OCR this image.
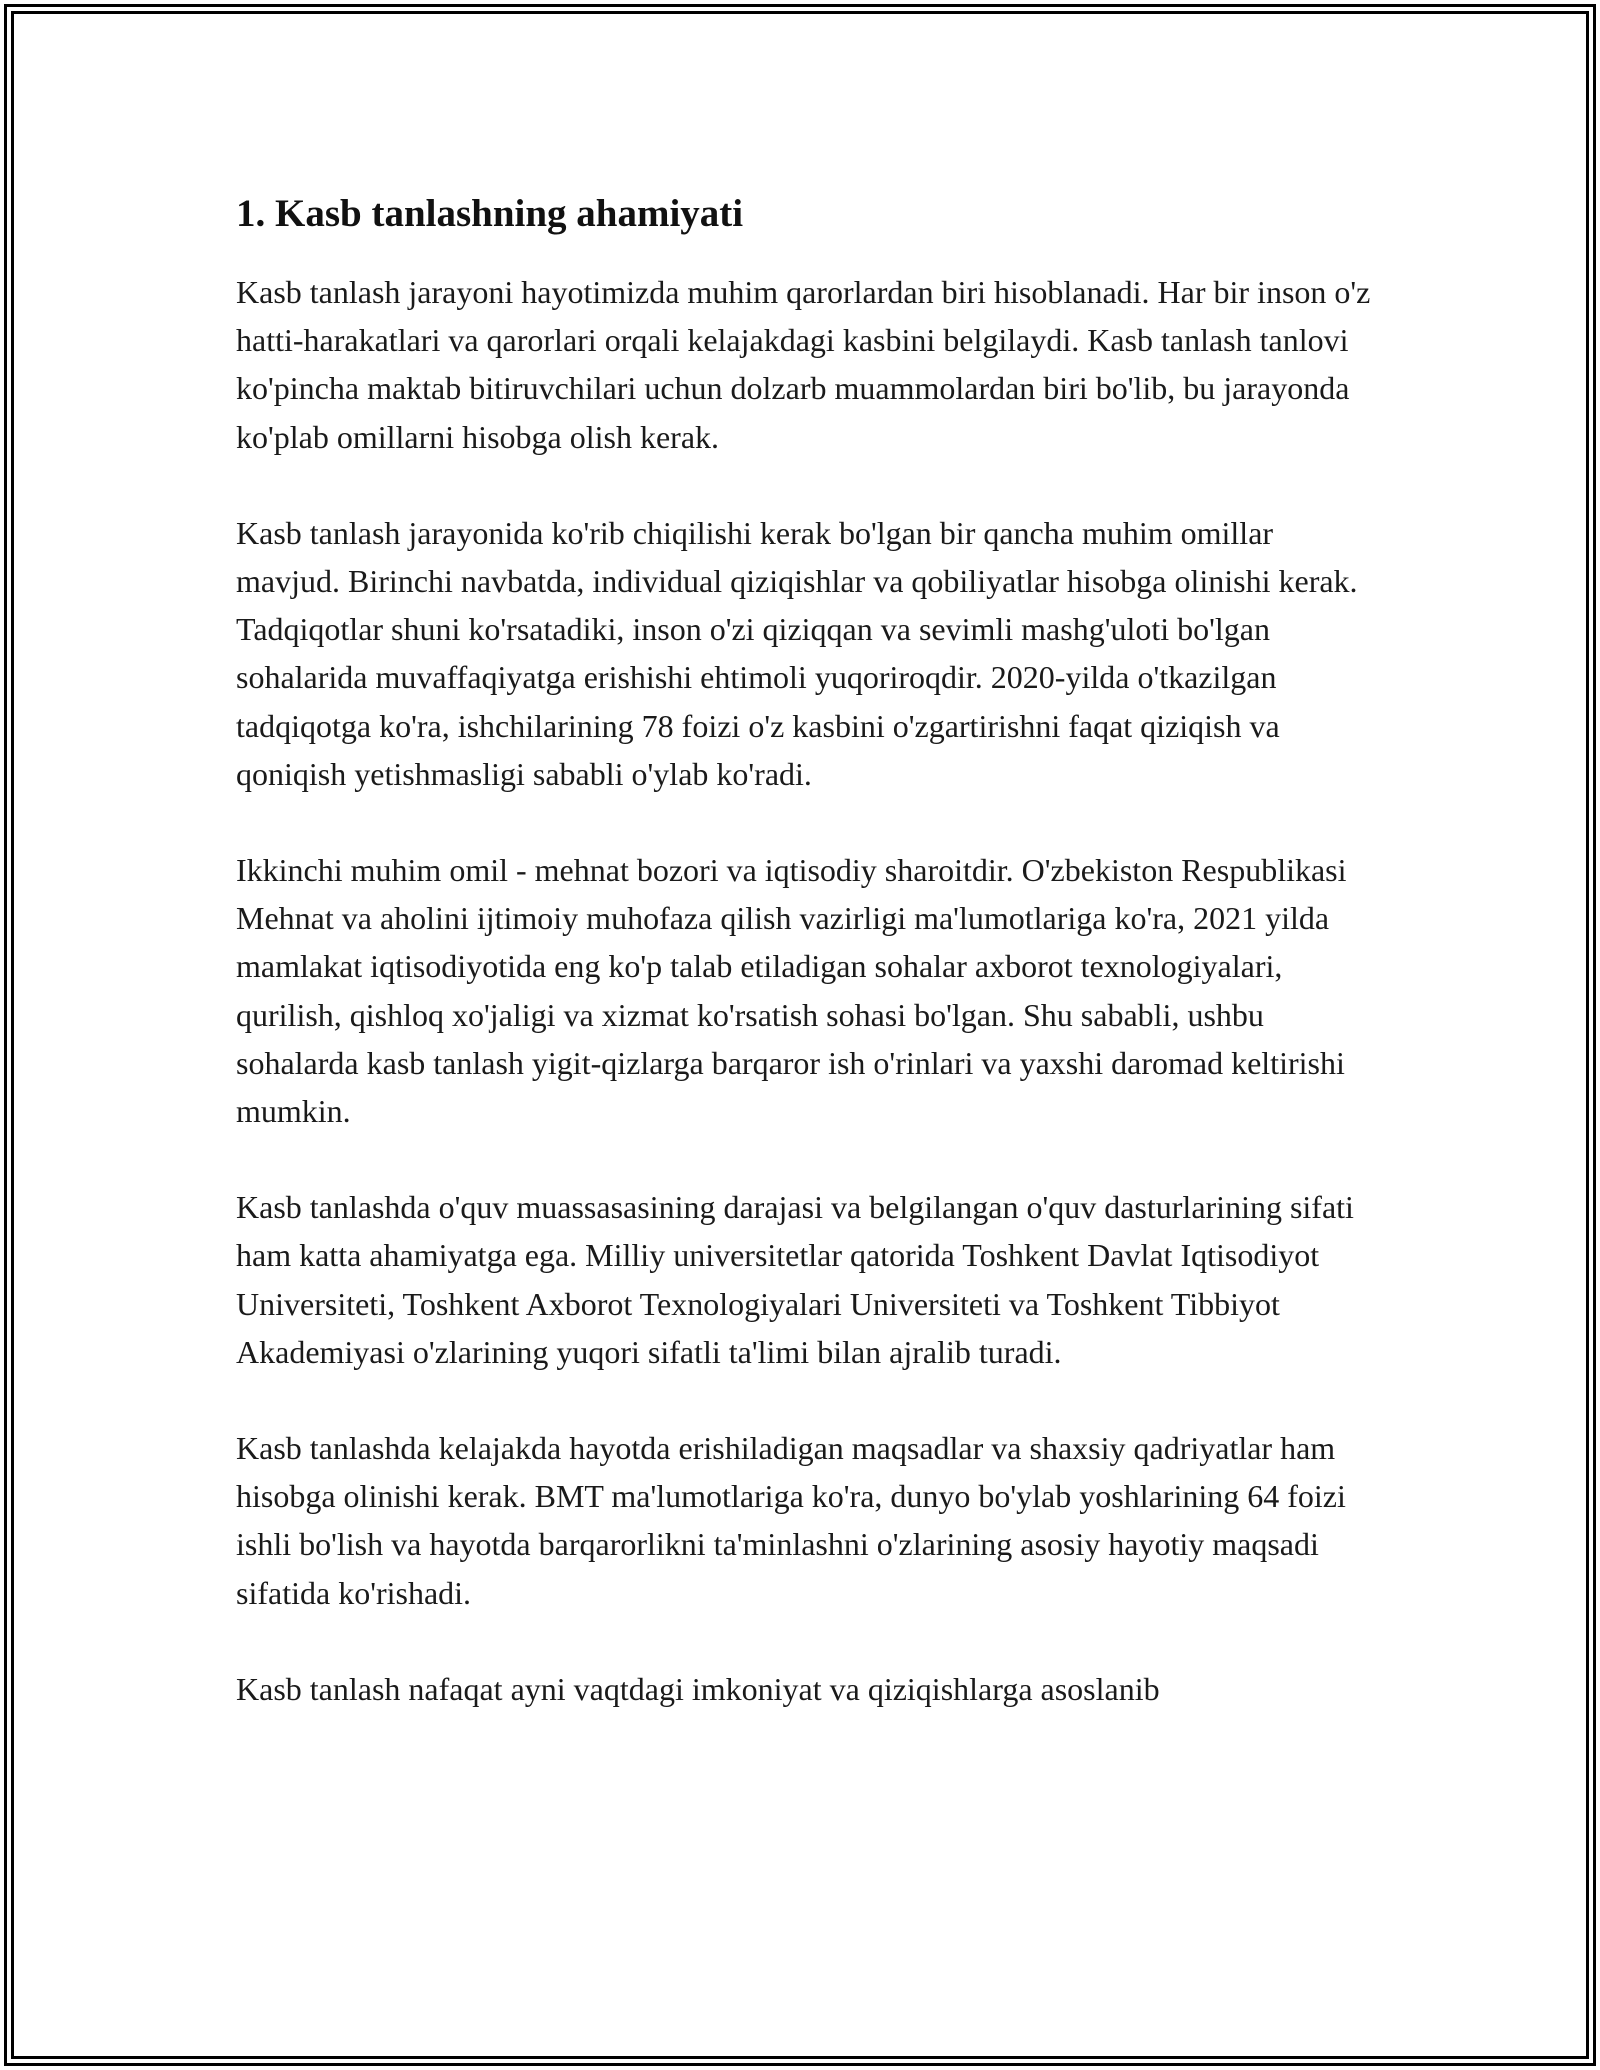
1. Kasb tanlashning ahamiyati

Kasb tanlash jarayoni hayotimizda muhim qarorlardan biri hisoblanadi. Har bir inson o'z hatti-harakatlari va qarorlari orqali kelajakdagi kasbini belgilaydi. Kasb tanlash tanlovi ko'pincha maktab bitiruvchilari uchun dolzarb muammolardan biri bo'lib, bu jarayonda ko'plab omillarni hisobga olish kerak.

Kasb tanlash jarayonida ko'rib chiqilishi kerak bo'lgan bir qancha muhim omillar mavjud. Birinchi navbatda, individual qiziqishlar va qobiliyatlar hisobga olinishi kerak. Tadqiqotlar shuni ko'rsatadiki, inson o'zi qiziqqan va sevimli mashg'uloti bo'lgan sohalarida muvaffaqiyatga erishishi ehtimoli yuqoriroqdir. 2020-yilda o'tkazilgan tadqiqotga ko'ra, ishchilarining 78 foizi o'z kasbini o'zgartirishni faqat qiziqish va qoniqish yetishmasligi sababli o'ylab ko'radi.

Ikkinchi muhim omil - mehnat bozori va iqtisodiy sharoitdir. O'zbekiston Respublikasi Mehnat va aholini ijtimoiy muhofaza qilish vazirligi ma'lumotlariga ko'ra, 2021 yilda mamlakat iqtisodiyotida eng ko'p talab etiladigan sohalar axborot texnologiyalari, qurilish, qishloq xo'jaligi va xizmat ko'rsatish sohasi bo'lgan. Shu sababli, ushbu sohalarda kasb tanlash yigit-qizlarga barqaror ish o'rinlari va yaxshi daromad keltirishi mumkin.

Kasb tanlashda o'quv muassasasining darajasi va belgilangan o'quv dasturlarining sifati ham katta ahamiyatga ega. Milliy universitetlar qatorida Toshkent Davlat Iqtisodiyot Universiteti, Toshkent Axborot Texnologiyalari Universiteti va Toshkent Tibbiyot Akademiyasi o'zlarining yuqori sifatli ta'limi bilan ajralib turadi.

Kasb tanlashda kelajakda hayotda erishiladigan maqsadlar va shaxsiy qadriyatlar ham hisobga olinishi kerak. BMT ma'lumotlariga ko'ra, dunyo bo'ylab yoshlarining 64 foizi ishli bo'lish va hayotda barqarorlikni ta'minlashni o'zlarining asosiy hayotiy maqsadi sifatida ko'rishadi.

Kasb tanlash nafaqat ayni vaqtdagi imkoniyat va qiziqishlarga asoslanib
